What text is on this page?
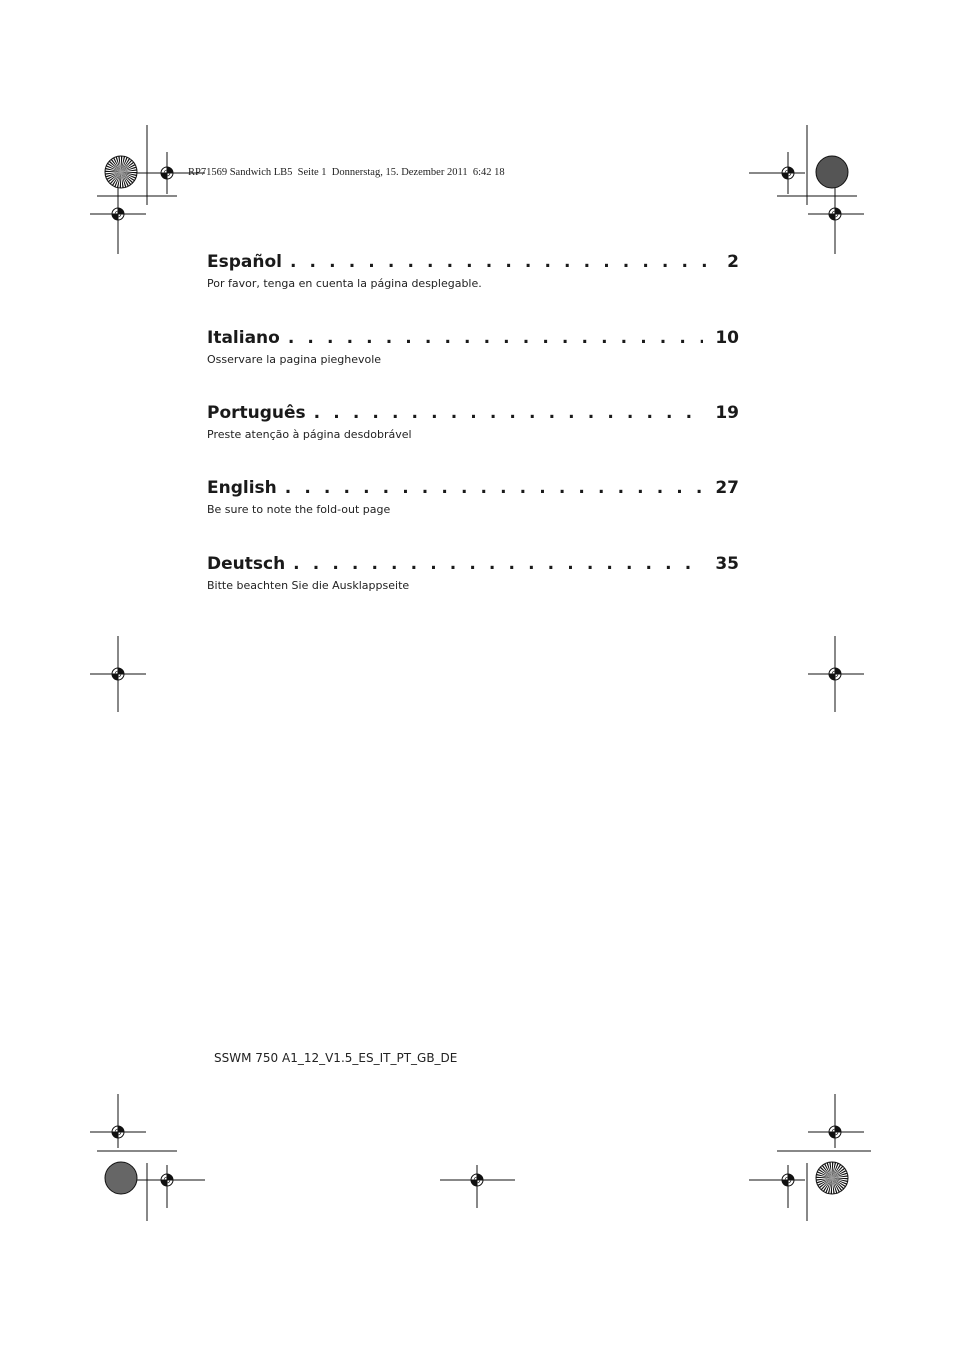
RP71569 Sandwich LB5  Seite 1  Donnerstag, 15. Dezember 2011  6:42 18
Español . . .	2
Por favor, tenga en cuenta la página desplegable.
Italiano . . .	10
Osservare la pagina pieghevole
Português . . .	19
Preste atenção à página desdobrável
English . . .	27
Be sure to note the fold-out page
Deutsch . . .	35
Bitte beachten Sie die Ausklappseite
SSWM 750 A1_12_V1.5_ES_IT_PT_GB_DE
